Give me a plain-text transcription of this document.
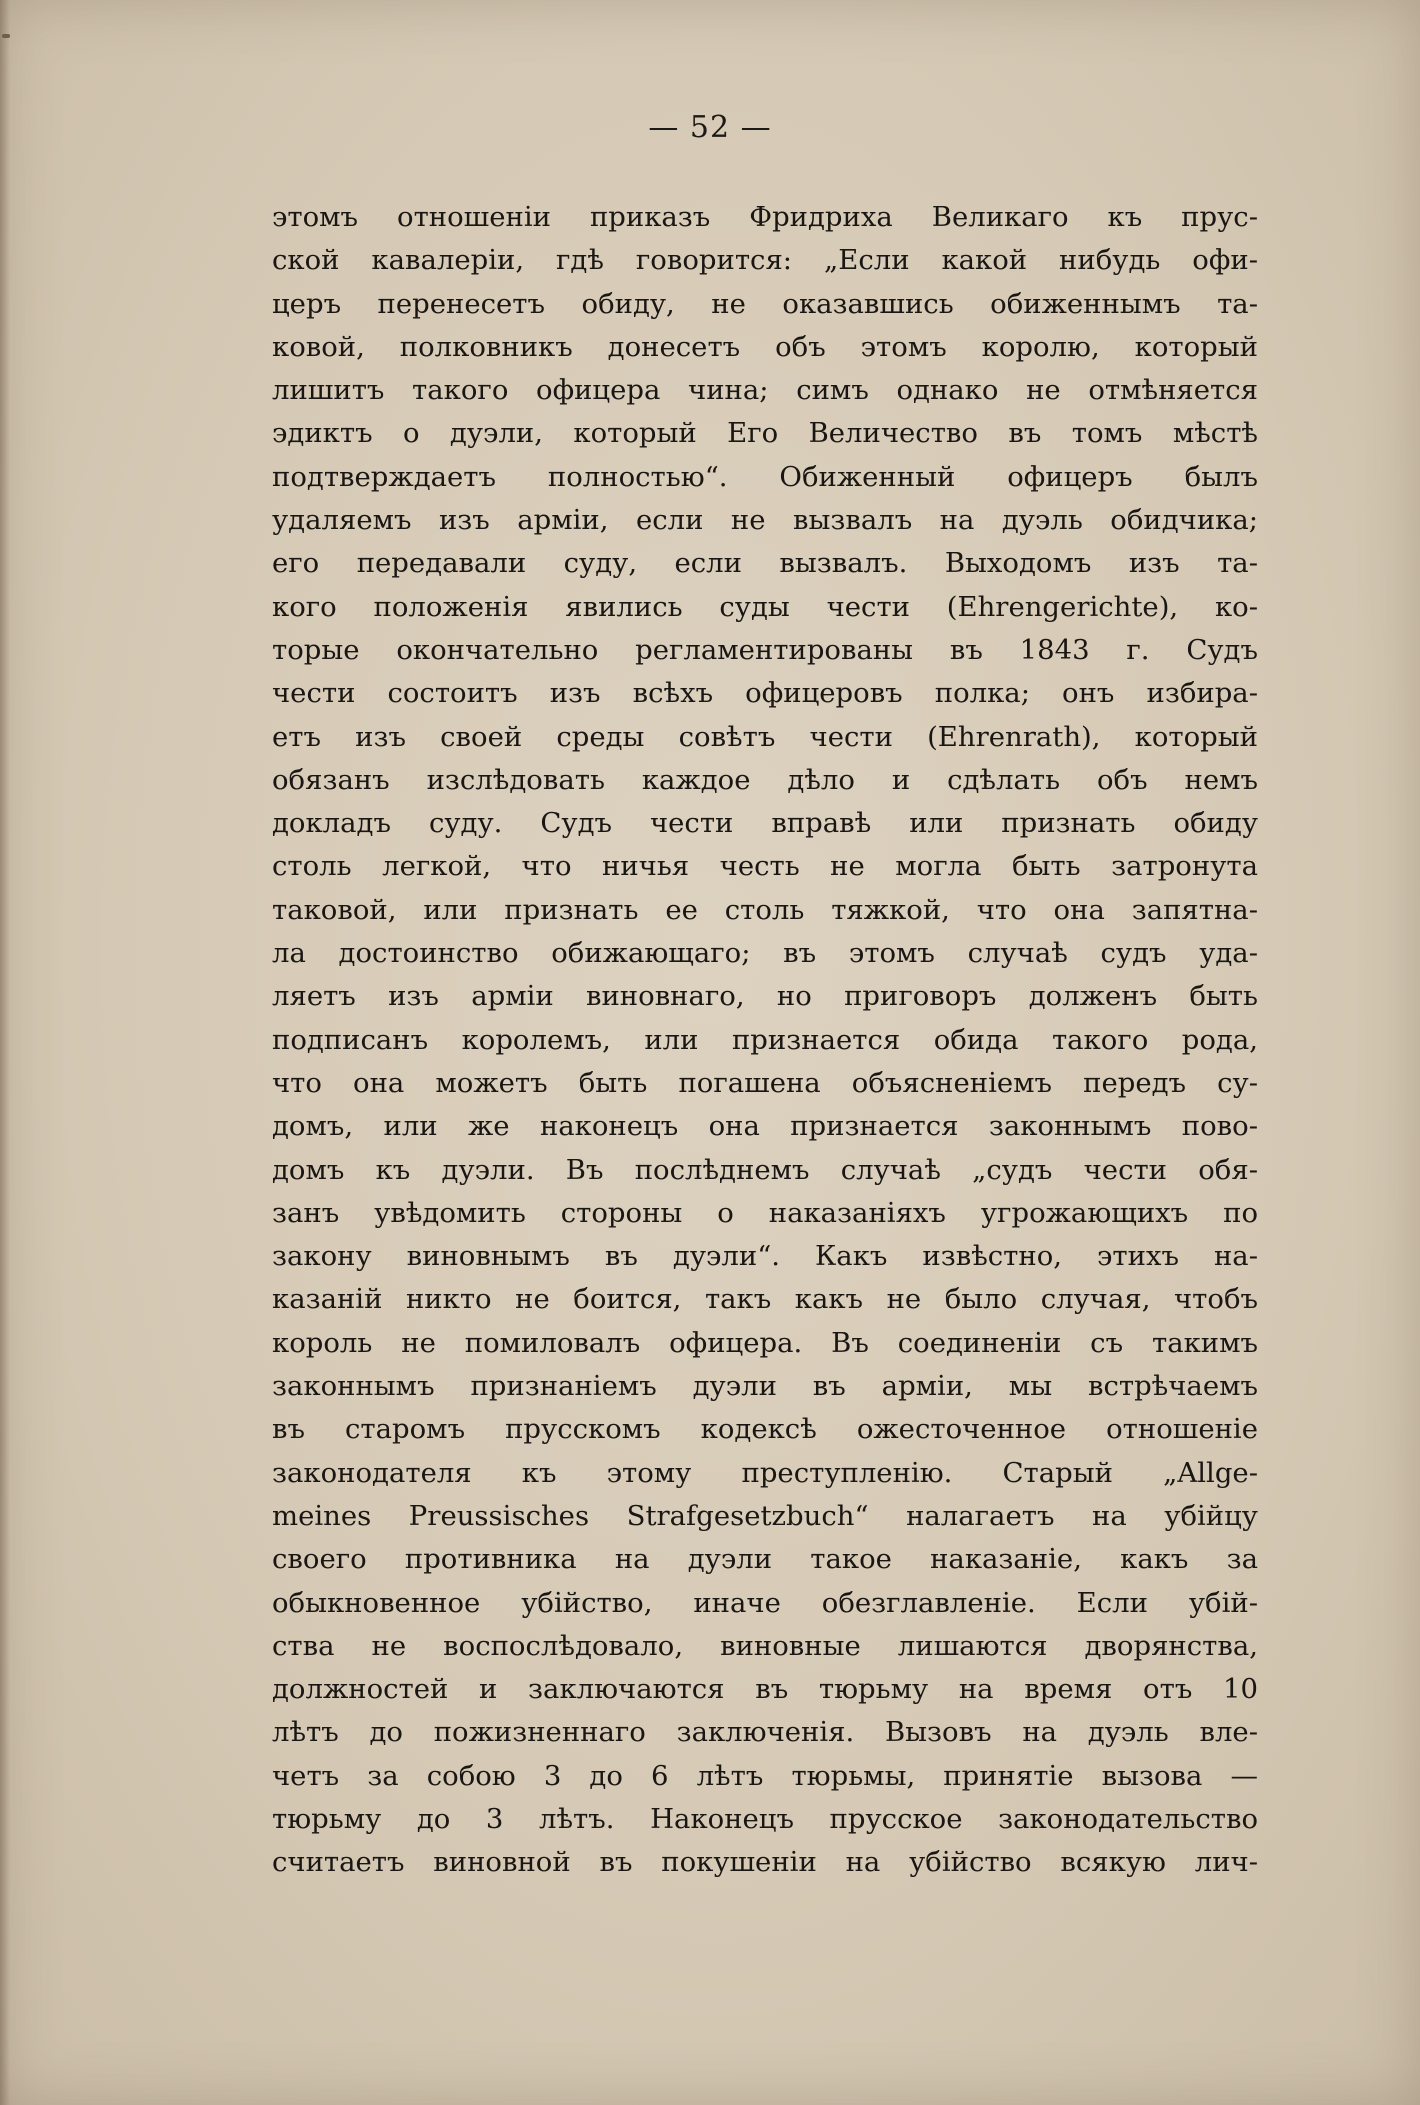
— 52 —
этомъ отношеніи приказъ Фридриха Великаго къ прус-
ской кавалеріи, гдѣ говорится: „Если какой нибудь офи-
церъ перенесетъ обиду, не оказавшись обиженнымъ та-
ковой, полковникъ донесетъ объ этомъ королю, который
лишитъ такого офицера чина; симъ однако не отмѣняется
эдиктъ о дуэли, который Его Величество въ томъ мѣстѣ
подтверждаетъ полностью“. Обиженный офицеръ былъ
удаляемъ изъ арміи, если не вызвалъ на дуэль обидчика;
его передавали суду, если вызвалъ. Выходомъ изъ та-
кого положенія явились суды чести (Ehrengerichte), ко-
торые окончательно регламентированы въ 1843 г. Судъ
чести состоитъ изъ всѣхъ офицеровъ полка; онъ избира-
етъ изъ своей среды совѣтъ чести (Ehrenrath), который
обязанъ изслѣдовать каждое дѣло и сдѣлать объ немъ
докладъ суду. Судъ чести вправѣ или признать обиду
столь легкой, что ничья честь не могла быть затронута
таковой, или признать ее столь тяжкой, что она запятна-
ла достоинство обижающаго; въ этомъ случаѣ судъ уда-
ляетъ изъ арміи виновнаго, но приговоръ долженъ быть
подписанъ королемъ, или признается обида такого рода,
что она можетъ быть погашена объясненіемъ передъ су-
домъ, или же наконецъ она признается законнымъ пово-
домъ къ дуэли. Въ послѣднемъ случаѣ „судъ чести обя-
занъ увѣдомить стороны о наказаніяхъ угрожающихъ по
закону виновнымъ въ дуэли“. Какъ извѣстно, этихъ на-
казаній никто не боится, такъ какъ не было случая, чтобъ
король не помиловалъ офицера. Въ соединеніи съ такимъ
законнымъ признаніемъ дуэли въ арміи, мы встрѣчаемъ
въ старомъ прусскомъ кодексѣ ожесточенное отношеніе
законодателя къ этому преступленію. Старый „Allge-
meines Preussisches Strafgesetzbuch“ налагаетъ на убійцу
своего противника на дуэли такое наказаніе, какъ за
обыкновенное убійство, иначе обезглавленіе. Если убій-
ства не воспослѣдовало, виновные лишаются дворянства,
должностей и заключаются въ тюрьму на время отъ 10
лѣтъ до пожизненнаго заключенія. Вызовъ на дуэль вле-
четъ за собою 3 до 6 лѣтъ тюрьмы, принятіе вызова —
тюрьму до 3 лѣтъ. Наконецъ прусское законодательство
считаетъ виновной въ покушеніи на убійство всякую лич-
